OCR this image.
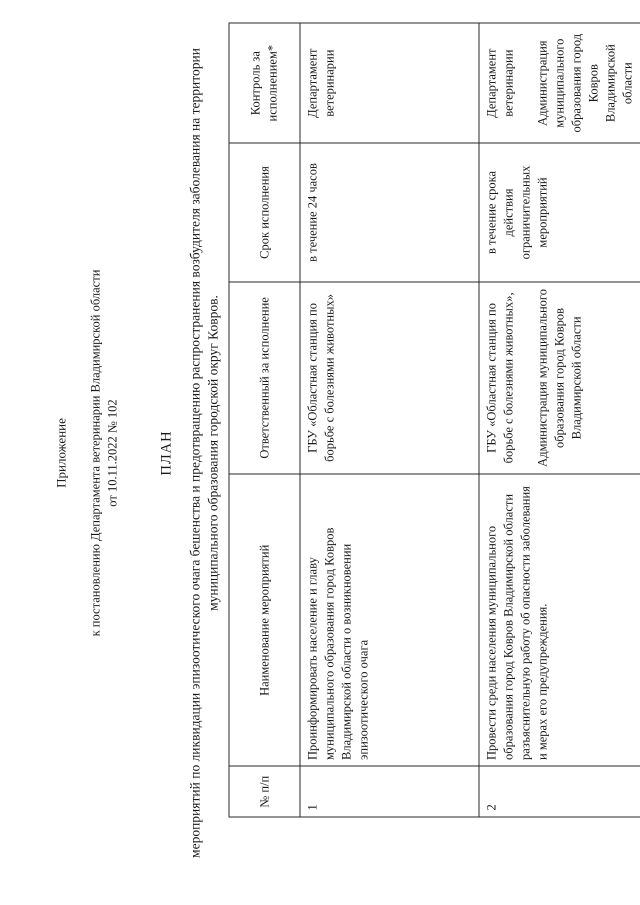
Приложение к постановлению Департамента ветеринарии Владимирской области от 10.11.2022 № 102	ПЛАН мероприятий по ликвидации эпизоотического очага бешенства и предотвращению распространения возбудителя заболевания на территории муниципального образования городской округ Ковров.
№ п/п	Наименование мероприятий	Ответственный за исполнение	Срок исполнения	Контроль за исполнением*
1	Проинформировать население и главу муниципального образования город Ковров Владимирской области о возникновении эпизоотического очага	ГБУ «Областная станция по борьбе с болезнями животных»	в течение 24 часов	Департамент ветеринарии
2	Провести среди населения муниципального образования город Ковров Владимирской области разъяснительную работу об опасности заболевания и мерах его предупреждения.	ГБУ «Областная станция по борьбе с болезнями животных», Администрация муниципального образования город Ковров Владимирской области	в течение срока действия ограничительных мероприятий	Департамент ветеринарии Администрация муниципального образования город Ковров Владимирской области
